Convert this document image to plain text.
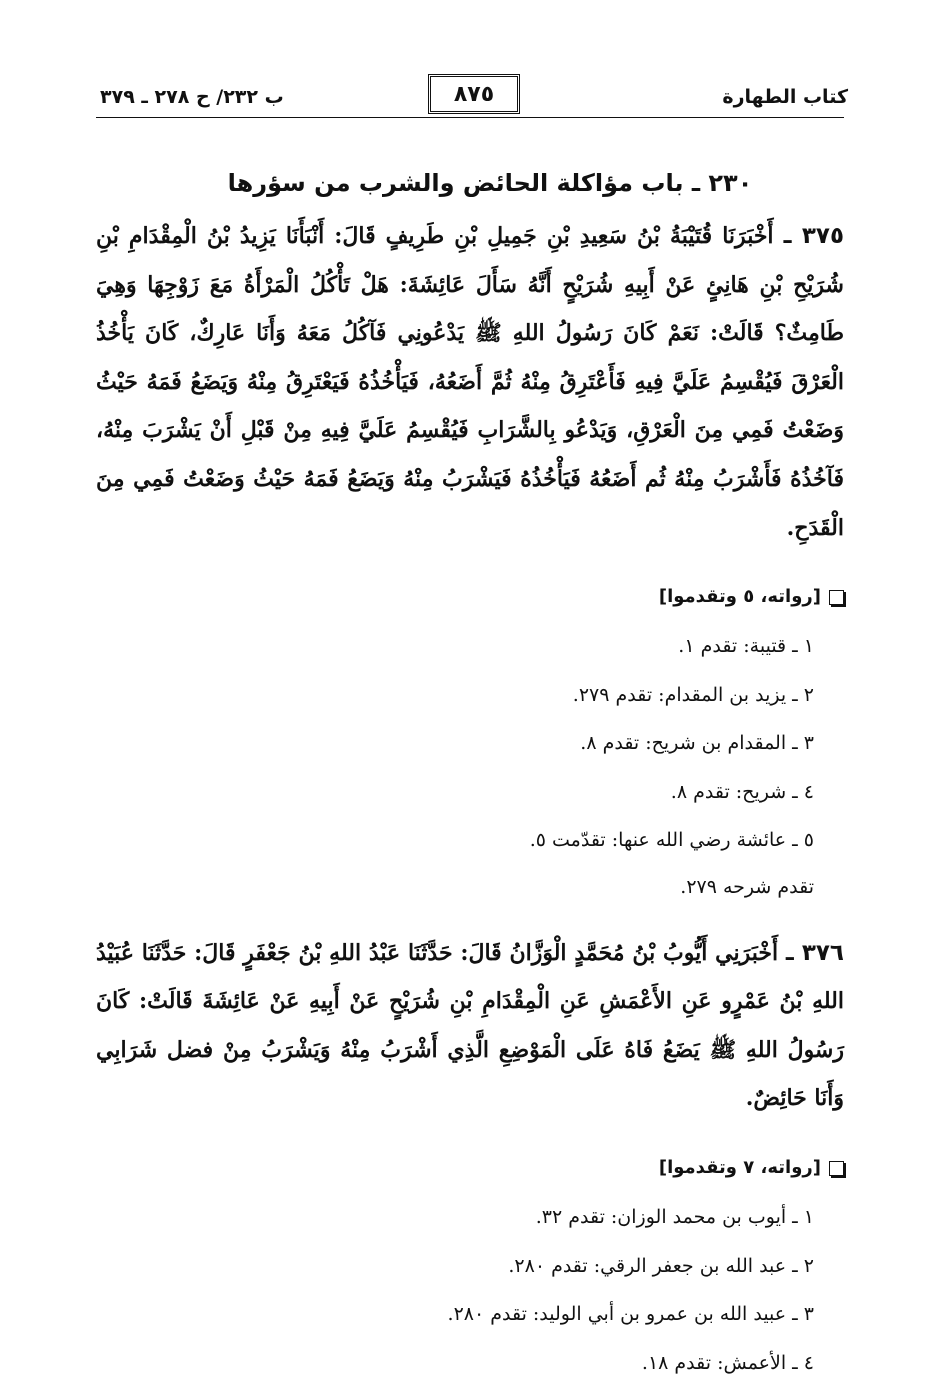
كتاب الطهارة
٨٧٥
ب ٢٣٢/ ح ٢٧٨ ـ ٣٧٩
٢٣٠ ـ باب مؤاكلة الحائض والشرب من سؤرها

٣٧٥ ـ أَخْبَرَنَا قُتَيْبَةُ بْنُ سَعِيدِ بْنِ جَمِيلِ بْنِ طَرِيفٍ قَالَ: أَنْبَأَنَا يَزِيدُ بْنُ الْمِقْدَامِ بْنِ شُرَيْحِ بْنِ هَانِئٍ عَنْ أَبِيهِ شُرَيْحٍ أَنَّهُ سَأَلَ عَائِشَةَ: هَلْ تَأْكُلُ الْمَرْأَةُ مَعَ زَوْجِهَا وَهِيَ طَامِثٌ؟ قَالَتْ: نَعَمْ كَانَ رَسُولُ اللهِ ﷺ يَدْعُونِي فَآكُلُ مَعَهُ وَأَنَا عَارِكٌ، كَانَ يَأْخُذُ الْعَرْقَ فَيُقْسِمُ عَلَيَّ فِيهِ فَأَعْتَرِقُ مِنْهُ ثُمَّ أَضَعُهُ، فَيَأْخُذُهُ فَيَعْتَرِقُ مِنْهُ وَيَضَعُ فَمَهُ حَيْثُ وَضَعْتُ فَمِي مِنَ الْعَرْقِ، وَيَدْعُو بِالشَّرَابِ فَيُقْسِمُ عَلَيَّ فِيهِ مِنْ قَبْلِ أَنْ يَشْرَبَ مِنْهُ، فَآخُذُهُ فَأَشْرَبُ مِنْهُ ثُم أَضَعُهُ فَيَأْخُذُهُ فَيَشْرَبُ مِنْهُ وَيَضَعُ فَمَهُ حَيْثُ وَضَعْتُ فَمِي مِنَ الْقَدَحِ.

[رواته، ٥ وتقدموا]
١ ـ قتيبة: تقدم ١.
٢ ـ يزيد بن المقدام: تقدم ٢٧٩.
٣ ـ المقدام بن شريح: تقدم ٨.
٤ ـ شريح: تقدم ٨.
٥ ـ عائشة رضي الله عنها: تقدّمت ٥.

تقدم شرحه ٢٧٩.

٣٧٦ ـ أَخْبَرَنِي أَيُّوبُ بْنُ مُحَمَّدٍ الْوَزَّانُ قَالَ: حَدَّثَنَا عَبْدُ اللهِ بْنُ جَعْفَرٍ قَالَ: حَدَّثَنَا عُبَيْدُ اللهِ بْنُ عَمْرٍو عَنِ الأَعْمَشِ عَنِ الْمِقْدَامِ بْنِ شُرَيْحٍ عَنْ أَبِيهِ عَنْ عَائِشَةَ قَالَتْ: كَانَ رَسُولُ اللهِ ﷺ يَضَعُ فَاهُ عَلَى الْمَوْضِعِ الَّذِي أَشْرَبُ مِنْهُ وَيَشْرَبُ مِنْ فضل شَرَابِي وَأَنَا حَائِضٌ.

[رواته، ٧ وتقدموا]
١ ـ أيوب بن محمد الوزان: تقدم ٣٢.
٢ ـ عبد الله بن جعفر الرقي: تقدم ٢٨٠.
٣ ـ عبيد الله بن عمرو بن أبي الوليد: تقدم ٢٨٠.
٤ ـ الأعمش: تقدم ١٨.
